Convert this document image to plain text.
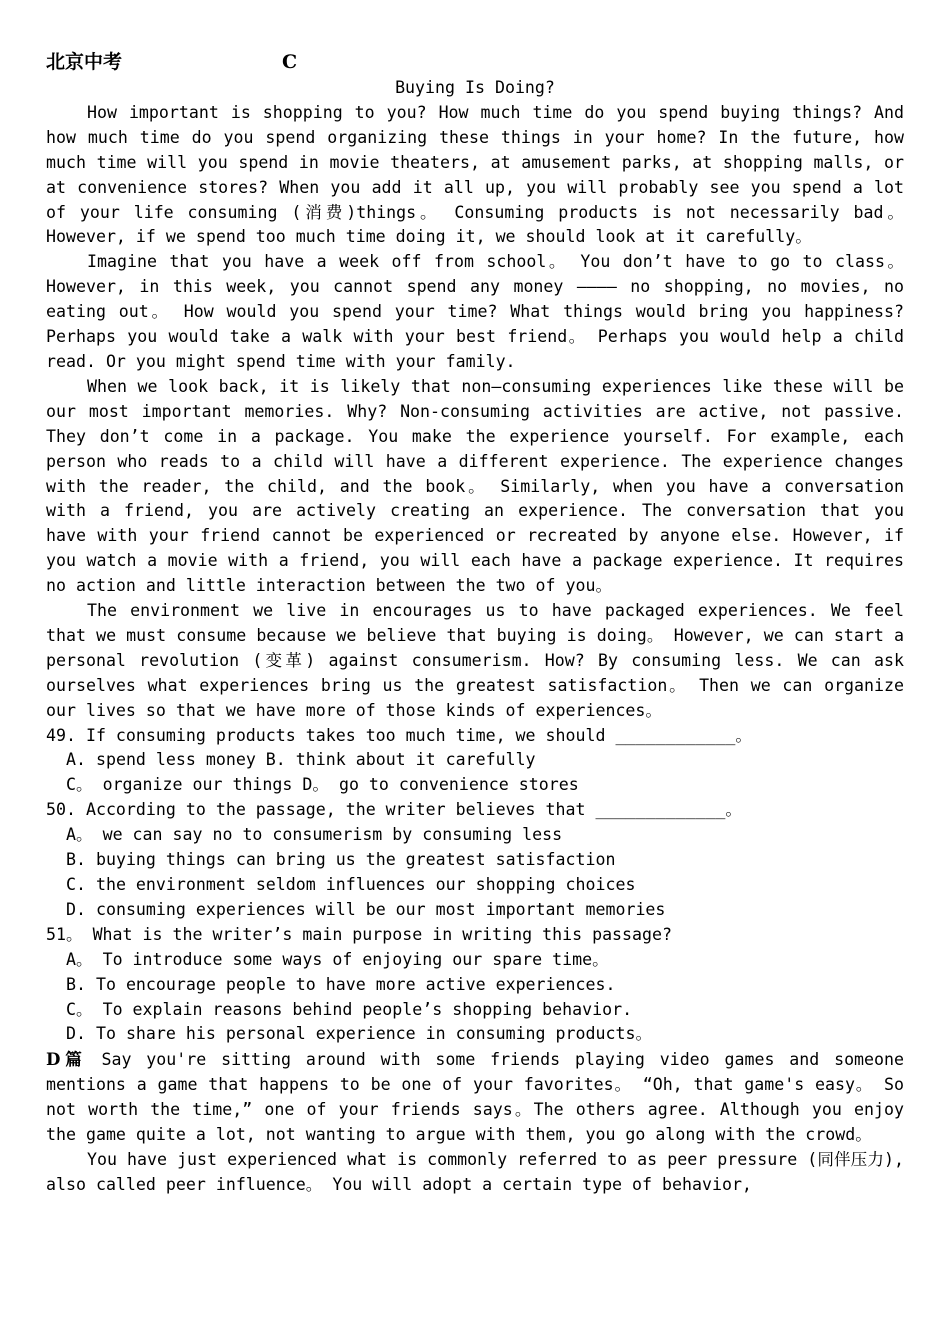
北京中考	C
Buying Is Doing?

How important is shopping to you? How much time do you spend buying things? And how much time do you spend organizing these things in your home? In the future, how much time will you spend in movie theaters, at amusement parks, at shopping malls, or at convenience stores? When you add it all up, you will probably see you spend a lot of your life consuming (消费)things。 Consuming products is not necessarily bad。 However, if we spend too much time doing it, we should look at it carefully。

Imagine that you have a week off from school。 You don’t have to go to class。 However, in this week, you cannot spend any money ———— no shopping, no movies, no eating out。 How would you spend your time? What things would bring you happiness? Perhaps you would take a walk with your best friend。 Perhaps you would help a child read. Or you might spend time with your family.

When we look back, it is likely that non—consuming experiences like these will be our most important memories. Why? Non-consuming activities are active, not passive. They don’t come in a package. You make the experience yourself. For example, each person who reads to a child will have a different experience. The experience changes with the reader, the child, and the book。 Similarly, when you have a conversation with a friend, you are actively creating an experience. The conversation that you have with your friend cannot be experienced or recreated by anyone else. However, if you watch a movie with a friend, you will each have a package experience. It requires no action and little interaction between the two of you。

The environment we live in encourages us to have packaged experiences. We feel that we must consume because we believe that buying is doing。 However, we can start a personal revolution (变革) against consumerism. How? By consuming less. We can ask ourselves what experiences bring us the greatest satisfaction。 Then we can organize our lives so that we have more of those kinds of experiences。

49. If consuming products takes too much time, we should ____________。
A. spend less money B. think about it carefully
C。 organize our things D。 go to convenience stores
50. According to the passage, the writer believes that _____________。
A。 we can say no to consumerism by consuming less
B. buying things can bring us the greatest satisfaction
C. the environment seldom influences our shopping choices
D. consuming experiences will be our most important memories
51。 What is the writer’s main purpose in writing this passage?
A。 To introduce some ways of enjoying our spare time。
B. To encourage people to have more active experiences.
C。 To explain reasons behind people’s shopping behavior.
D. To share his personal experience in consuming products。

D篇 Say you're sitting around with some friends playing video games and someone mentions a game that happens to be one of your favorites。 “Oh, that game's easy。 So not worth the time,” one of your friends says。The others agree. Although you enjoy the game quite a lot, not wanting to argue with them, you go along with the crowd。

You have just experienced what is commonly referred to as peer pressure (同伴压力), also called peer influence。 You will adopt a certain type of behavior,
